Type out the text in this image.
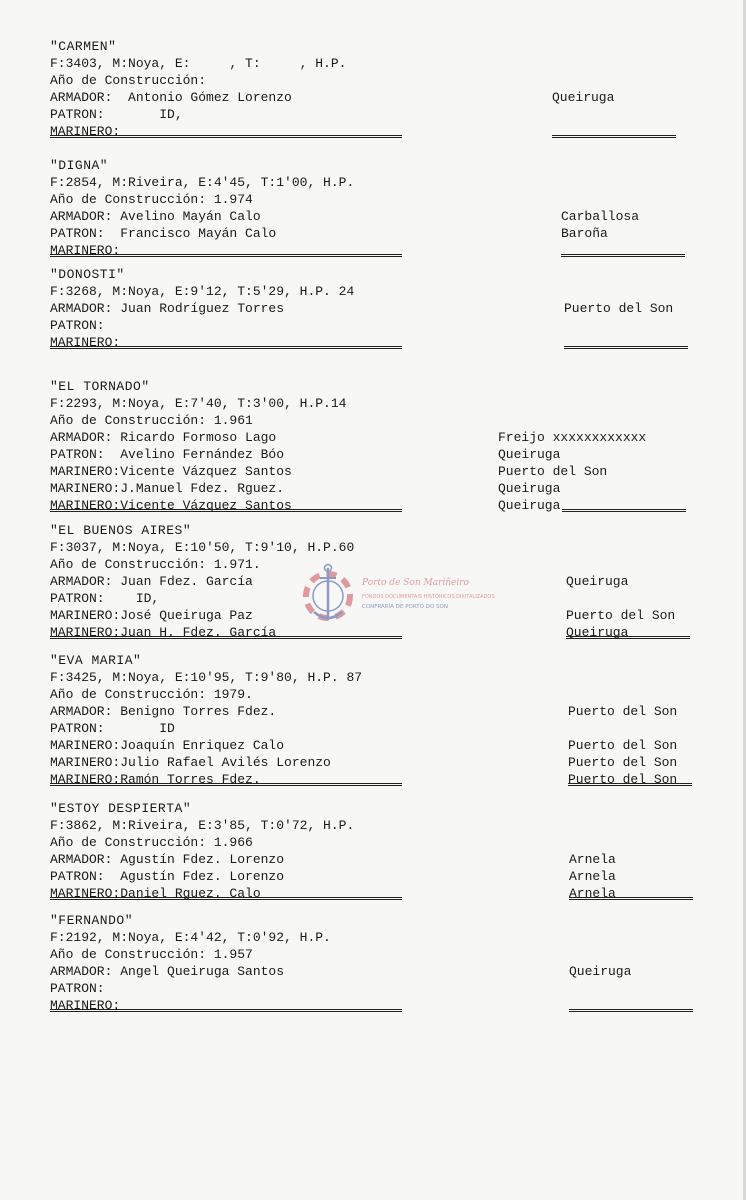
"CARMEN"
F:3403, M:Noya, E:     , T:     , H.P.
Año de Construcción:
ARMADOR:  Antonio Gómez Lorenzo	Queiruga
PATRON:       ID,
MARINERO:
"DIGNA"
F:2854, M:Riveira, E:4'45, T:1'00, H.P.
Año de Construcción: 1.974
ARMADOR: Avelino Mayán Calo	Carballosa
PATRON:  Francisco Mayán Calo	Baroña
MARINERO:
"DONOSTI"
F:3268, M:Noya, E:9'12, T:5'29, H.P. 24
ARMADOR: Juan Rodríguez Torres	Puerto del Son
PATRON:
MARINERO:
"EL TORNADO"
F:2293, M:Noya, E:7'40, T:3'00, H.P.14
Año de Construcción: 1.961
ARMADOR: Ricardo Formoso Lago	Freijo xxxxxxxxxxxx
PATRON:  Avelino Fernández Bóo	Queiruga
MARINERO:Vicente Vázquez Santos	Puerto del Son
MARINERO:J.Manuel Fdez. Rguez.	Queiruga
MARINERO:Vicente Vázquez Santos	Queiruga
"EL BUENOS AIRES"
F:3037, M:Noya, E:10'50, T:9'10, H.P.60
Año de Construcción: 1.971.
ARMADOR: Juan Fdez. García	Queiruga
PATRON:    ID,
MARINERO:José Queiruga Paz	Puerto del Son
MARINERO:Juan H. Fdez. García	Queiruga
"EVA MARIA"
F:3425, M:Noya, E:10'95, T:9'80, H.P. 87
Año de Construcción: 1979.
ARMADOR: Benigno Torres Fdez.	Puerto del Son
PATRON:       ID
MARINERO:Joaquín Enriquez Calo	Puerto del Son
MARINERO:Julio Rafael Avilés Lorenzo	Puerto del Son
MARINERO:Ramón Torres Fdez.	Puerto del Son
"ESTOY DESPIERTA"
F:3862, M:Riveira, E:3'85, T:0'72, H.P.
Año de Construcción: 1.966
ARMADOR: Agustín Fdez. Lorenzo	Arnela
PATRON:  Agustín Fdez. Lorenzo	Arnela
MARINERO:Daniel Rguez. Calo	Arnela
"FERNANDO"
F:2192, M:Noya, E:4'42, T:0'92, H.P.
Año de Construcción: 1.957
ARMADOR: Angel Queiruga Santos	Queiruga
PATRON:
MARINERO:
Porto de Son Mariñeiro
FONDOS DOCUMENTAIS HISTÓRICOS DIXITALIZADOS
CONFRARÍA DE PORTO DO SON
